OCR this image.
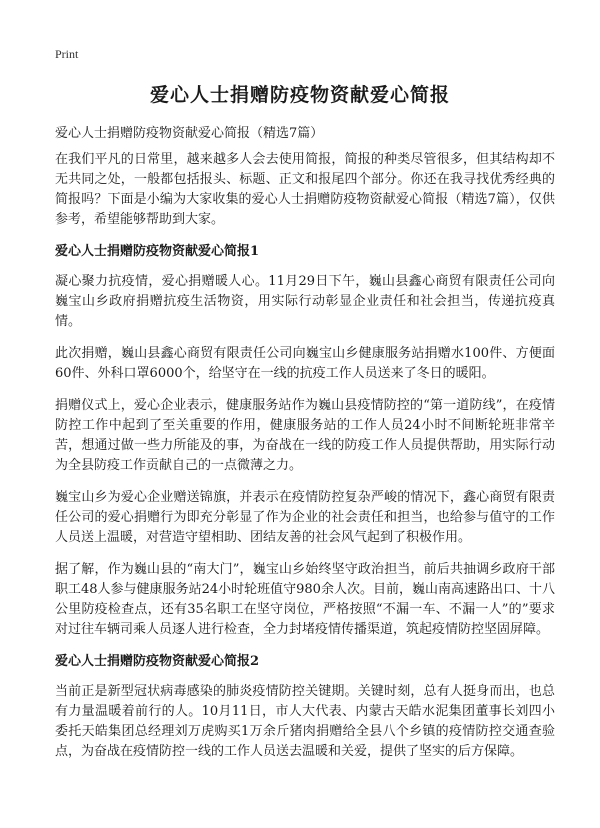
Print
爱心人士捐赠防疫物资献爱心简报

爱心人士捐赠防疫物资献爱心简报（精选7篇）

在我们平凡的日常里，越来越多人会去使用简报，简报的种类尽管很多，但其结构却不无共同之处，一般都包括报头、标题、正文和报尾四个部分。你还在我寻找优秀经典的简报吗？下面是小编为大家收集的爱心人士捐赠防疫物资献爱心简报（精选7篇），仅供参考，希望能够帮助到大家。

爱心人士捐赠防疫物资献爱心简报1

凝心聚力抗疫情，爱心捐赠暖人心。11月29日下午，巍山县鑫心商贸有限责任公司向巍宝山乡政府捐赠抗疫生活物资，用实际行动彰显企业责任和社会担当，传递抗疫真情。

此次捐赠，巍山县鑫心商贸有限责任公司向巍宝山乡健康服务站捐赠水100件、方便面60件、外科口罩6000个，给坚守在一线的抗疫工作人员送来了冬日的暖阳。

捐赠仪式上，爱心企业表示，健康服务站作为巍山县疫情防控的“第一道防线”，在疫情防控工作中起到了至关重要的作用，健康服务站的工作人员24小时不间断轮班非常辛苦，想通过做一些力所能及的事，为奋战在一线的防疫工作人员提供帮助，用实际行动为全县防疫工作贡献自己的一点微薄之力。

巍宝山乡为爱心企业赠送锦旗，并表示在疫情防控复杂严峻的情况下，鑫心商贸有限责任公司的爱心捐赠行为即充分彰显了作为企业的社会责任和担当，也给参与值守的工作人员送上温暖，对营造守望相助、团结友善的社会风气起到了积极作用。

据了解，作为巍山县的“南大门”，巍宝山乡始终坚守政治担当，前后共抽调乡政府干部职工48人参与健康服务站24小时轮班值守980余人次。目前，巍山南高速路出口、十八公里防疫检查点，还有35名职工在坚守岗位，严格按照“不漏一车、不漏一人”的”要求对过往车辆司乘人员逐人进行检查，全力封堵疫情传播渠道，筑起疫情防控坚固屏障。

爱心人士捐赠防疫物资献爱心简报2

当前正是新型冠状病毒感染的肺炎疫情防控关键期。关键时刻，总有人挺身而出，也总有力量温暖着前行的人。10月11日，市人大代表、内蒙古天皓水泥集团董事长刘四小委托天皓集团总经理刘万虎购买1万余斤猪肉捐赠给全县八个乡镇的疫情防控交通查验点，为奋战在疫情防控一线的工作人员送去温暖和关爱，提供了坚实的后方保障。
